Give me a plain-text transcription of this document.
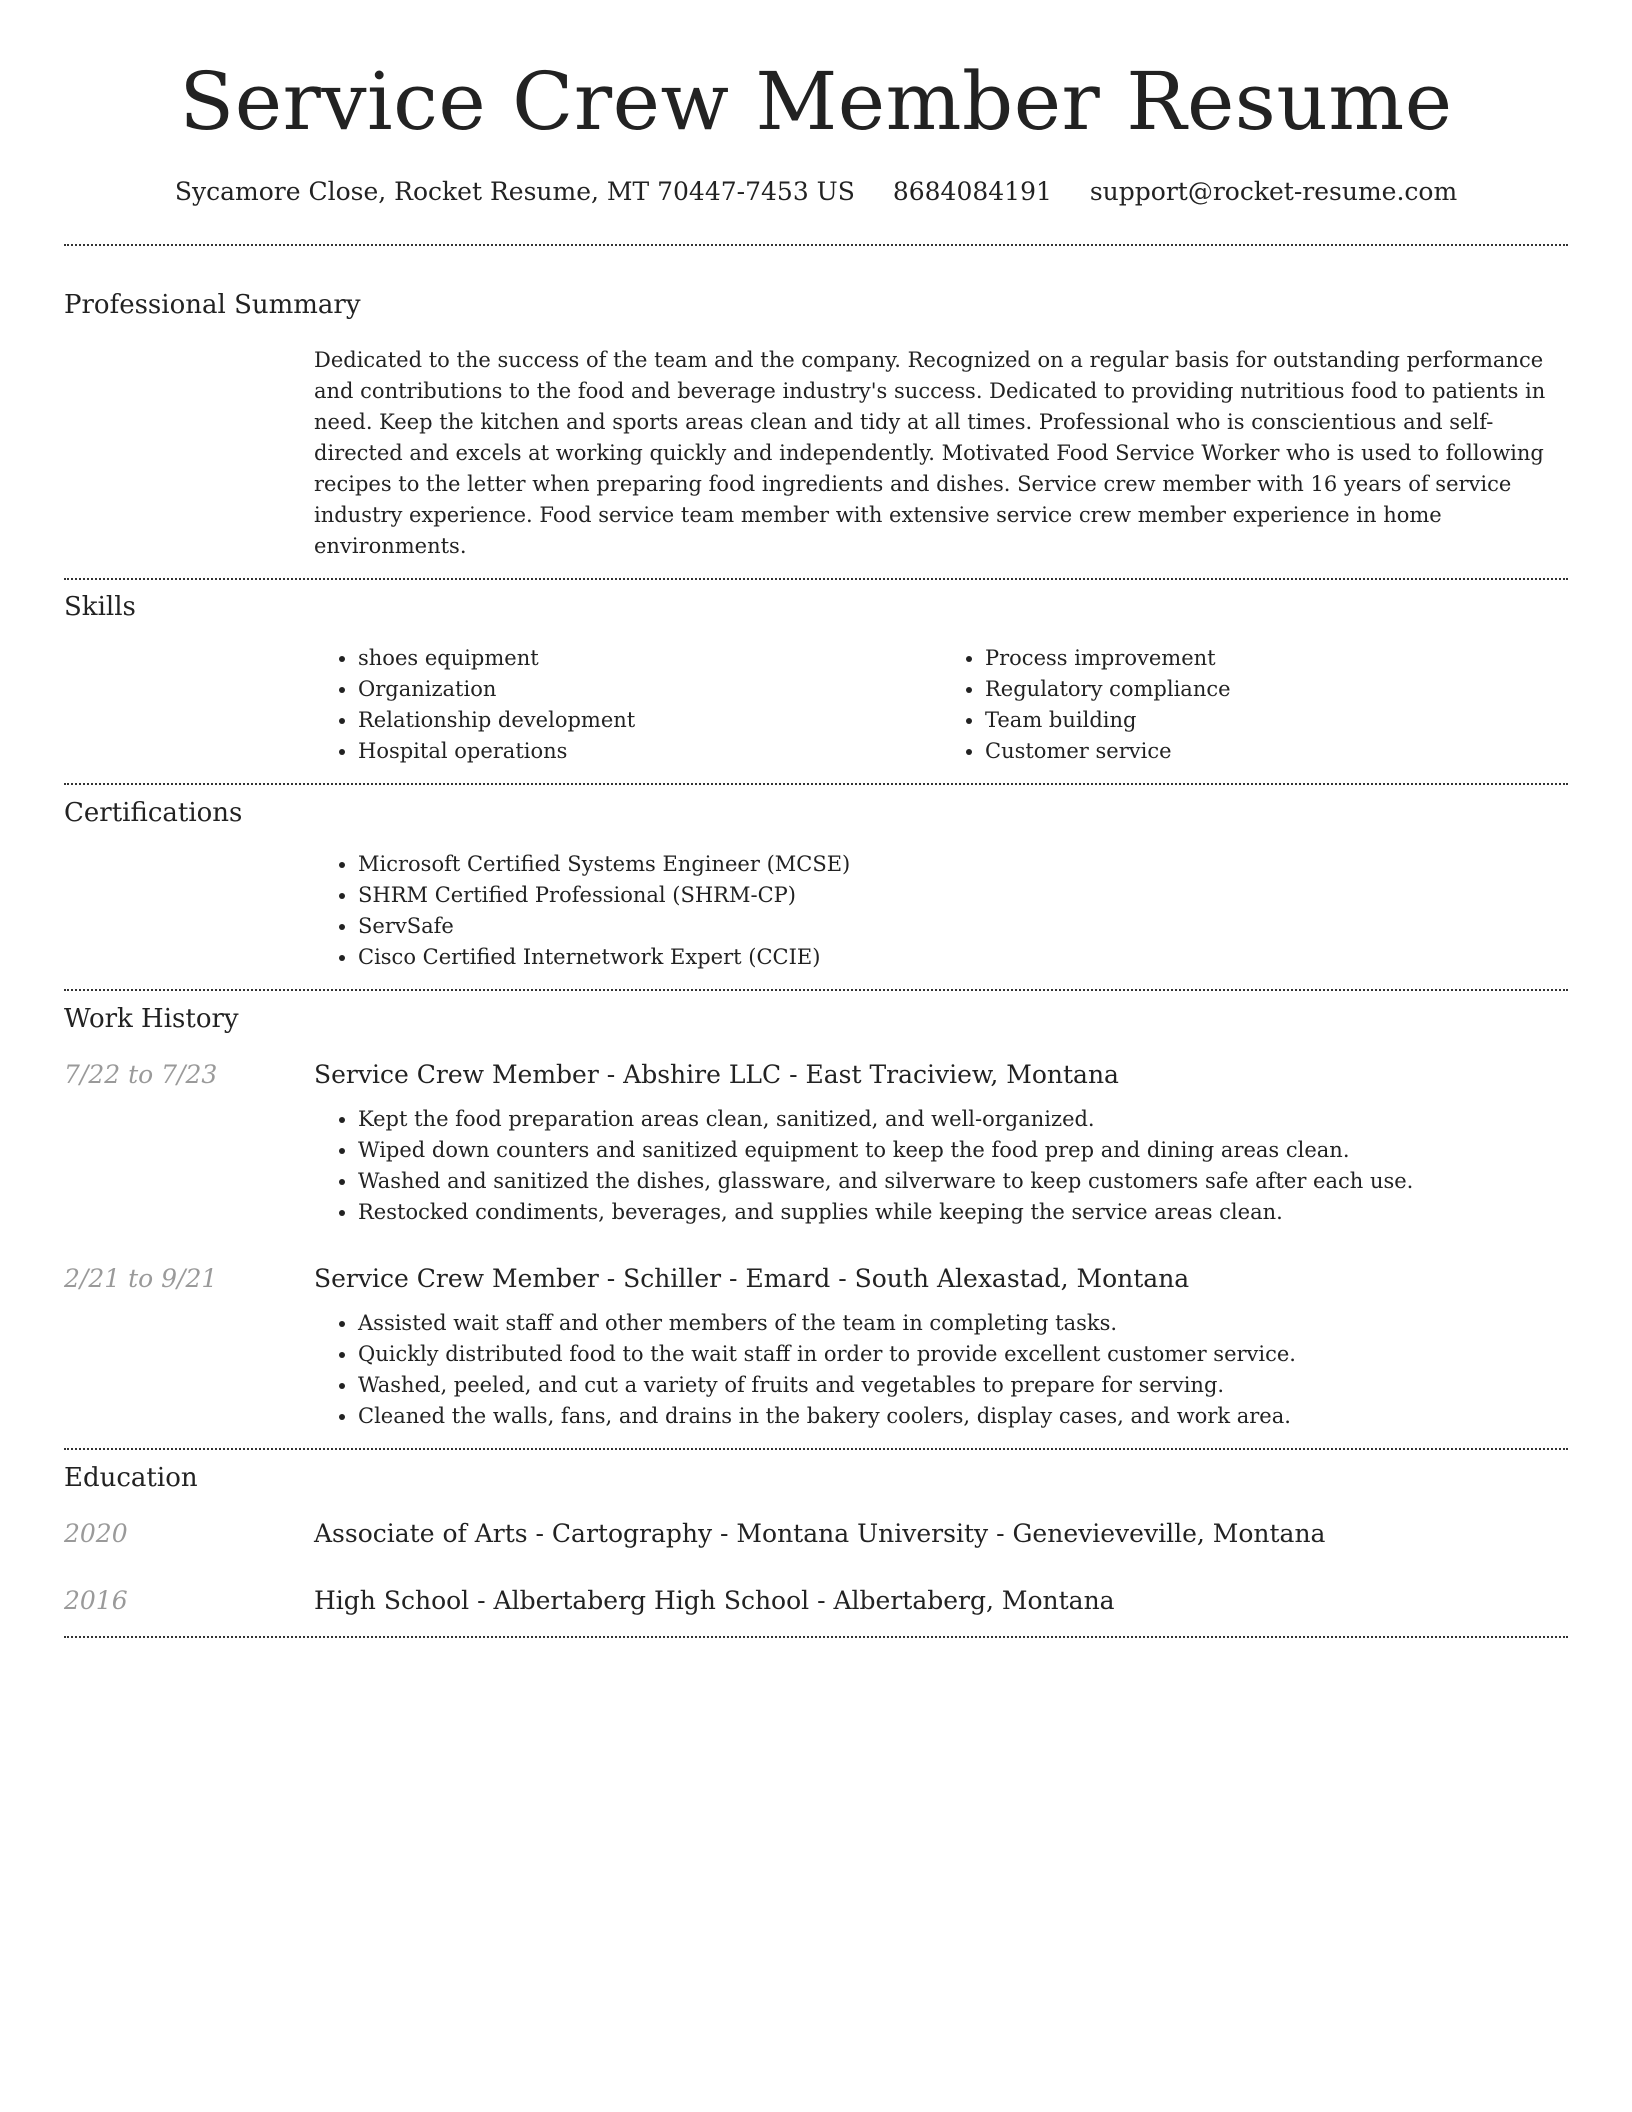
Service Crew Member Resume
Sycamore Close, Rocket Resume, MT 70447-7453 US 8684084191 support@rocket-resume.com
Professional Summary

Dedicated to the success of the team and the company. Recognized on a regular basis for outstanding performance and contributions to the food and beverage industry's success. Dedicated to providing nutritious food to patients in need. Keep the kitchen and sports areas clean and tidy at all times. Professional who is conscientious and self-directed and excels at working quickly and independently. Motivated Food Service Worker who is used to following recipes to the letter when preparing food ingredients and dishes. Service crew member with 16 years of service industry experience. Food service team member with extensive service crew member experience in home environments.

Skills
• shoes equipment
• Organization
• Relationship development
• Hospital operations
• Process improvement
• Regulatory compliance
• Team building
• Customer service
Certifications
• Microsoft Certified Systems Engineer (MCSE)
• SHRM Certified Professional (SHRM-CP)
• ServSafe
• Cisco Certified Internetwork Expert (CCIE)
Work History
7/22 to 7/23	Service Crew Member - Abshire LLC - East Traciview, Montana
• Kept the food preparation areas clean, sanitized, and well-organized.
• Wiped down counters and sanitized equipment to keep the food prep and dining areas clean.
• Washed and sanitized the dishes, glassware, and silverware to keep customers safe after each use.
• Restocked condiments, beverages, and supplies while keeping the service areas clean.
2/21 to 9/21	Service Crew Member - Schiller - Emard - South Alexastad, Montana
• Assisted wait staff and other members of the team in completing tasks.
• Quickly distributed food to the wait staff in order to provide excellent customer service.
• Washed, peeled, and cut a variety of fruits and vegetables to prepare for serving.
• Cleaned the walls, fans, and drains in the bakery coolers, display cases, and work area.
Education
2020	Associate of Arts - Cartography - Montana University - Genevieveville, Montana
2016	High School - Albertaberg High School - Albertaberg, Montana
